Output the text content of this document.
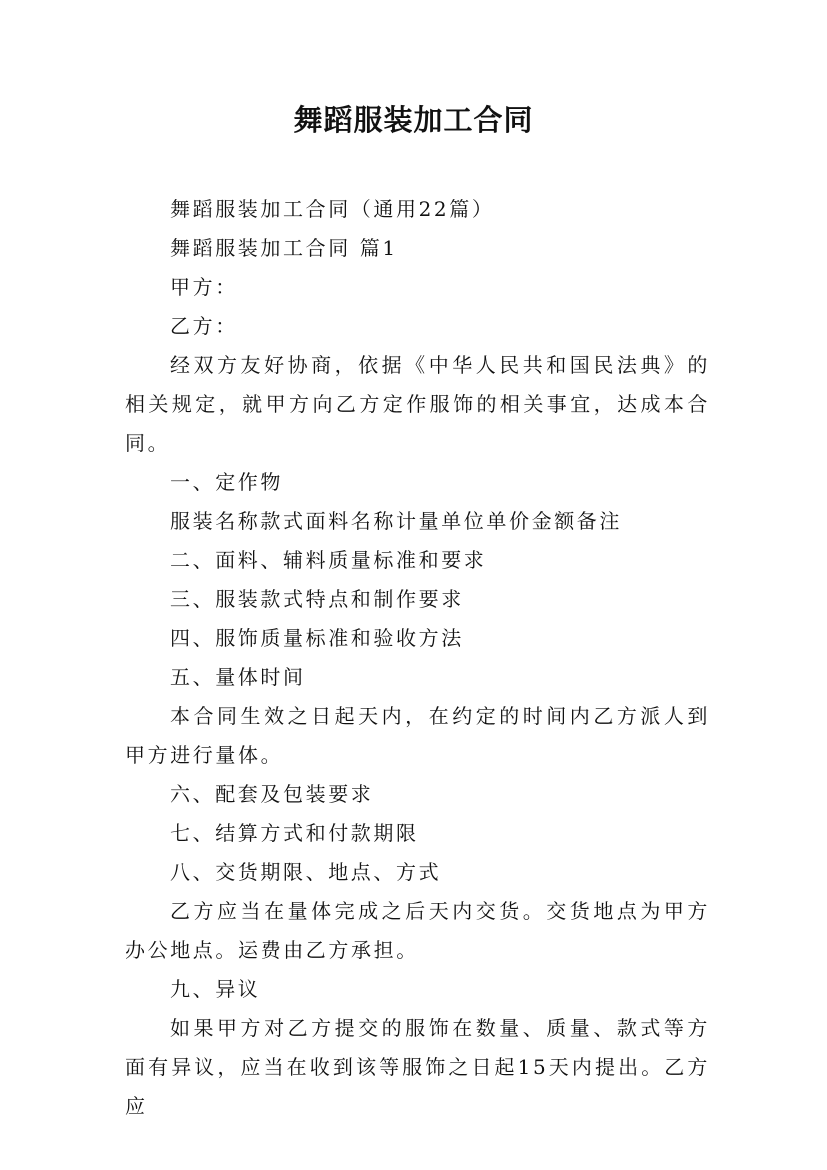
舞蹈服装加工合同

舞蹈服装加工合同（通用22篇）

舞蹈服装加工合同 篇1

甲方：

乙方：

经双方友好协商，依据《中华人民共和国民法典》的相关规定，就甲方向乙方定作服饰的相关事宜，达成本合同。

一、定作物

服装名称款式面料名称计量单位单价金额备注

二、面料、辅料质量标准和要求

三、服装款式特点和制作要求

四、服饰质量标准和验收方法

五、量体时间

本合同生效之日起天内，在约定的时间内乙方派人到甲方进行量体。

六、配套及包装要求

七、结算方式和付款期限

八、交货期限、地点、方式

乙方应当在量体完成之后天内交货。交货地点为甲方办公地点。运费由乙方承担。

九、异议

如果甲方对乙方提交的服饰在数量、质量、款式等方面有异议，应当在收到该等服饰之日起15天内提出。乙方应
